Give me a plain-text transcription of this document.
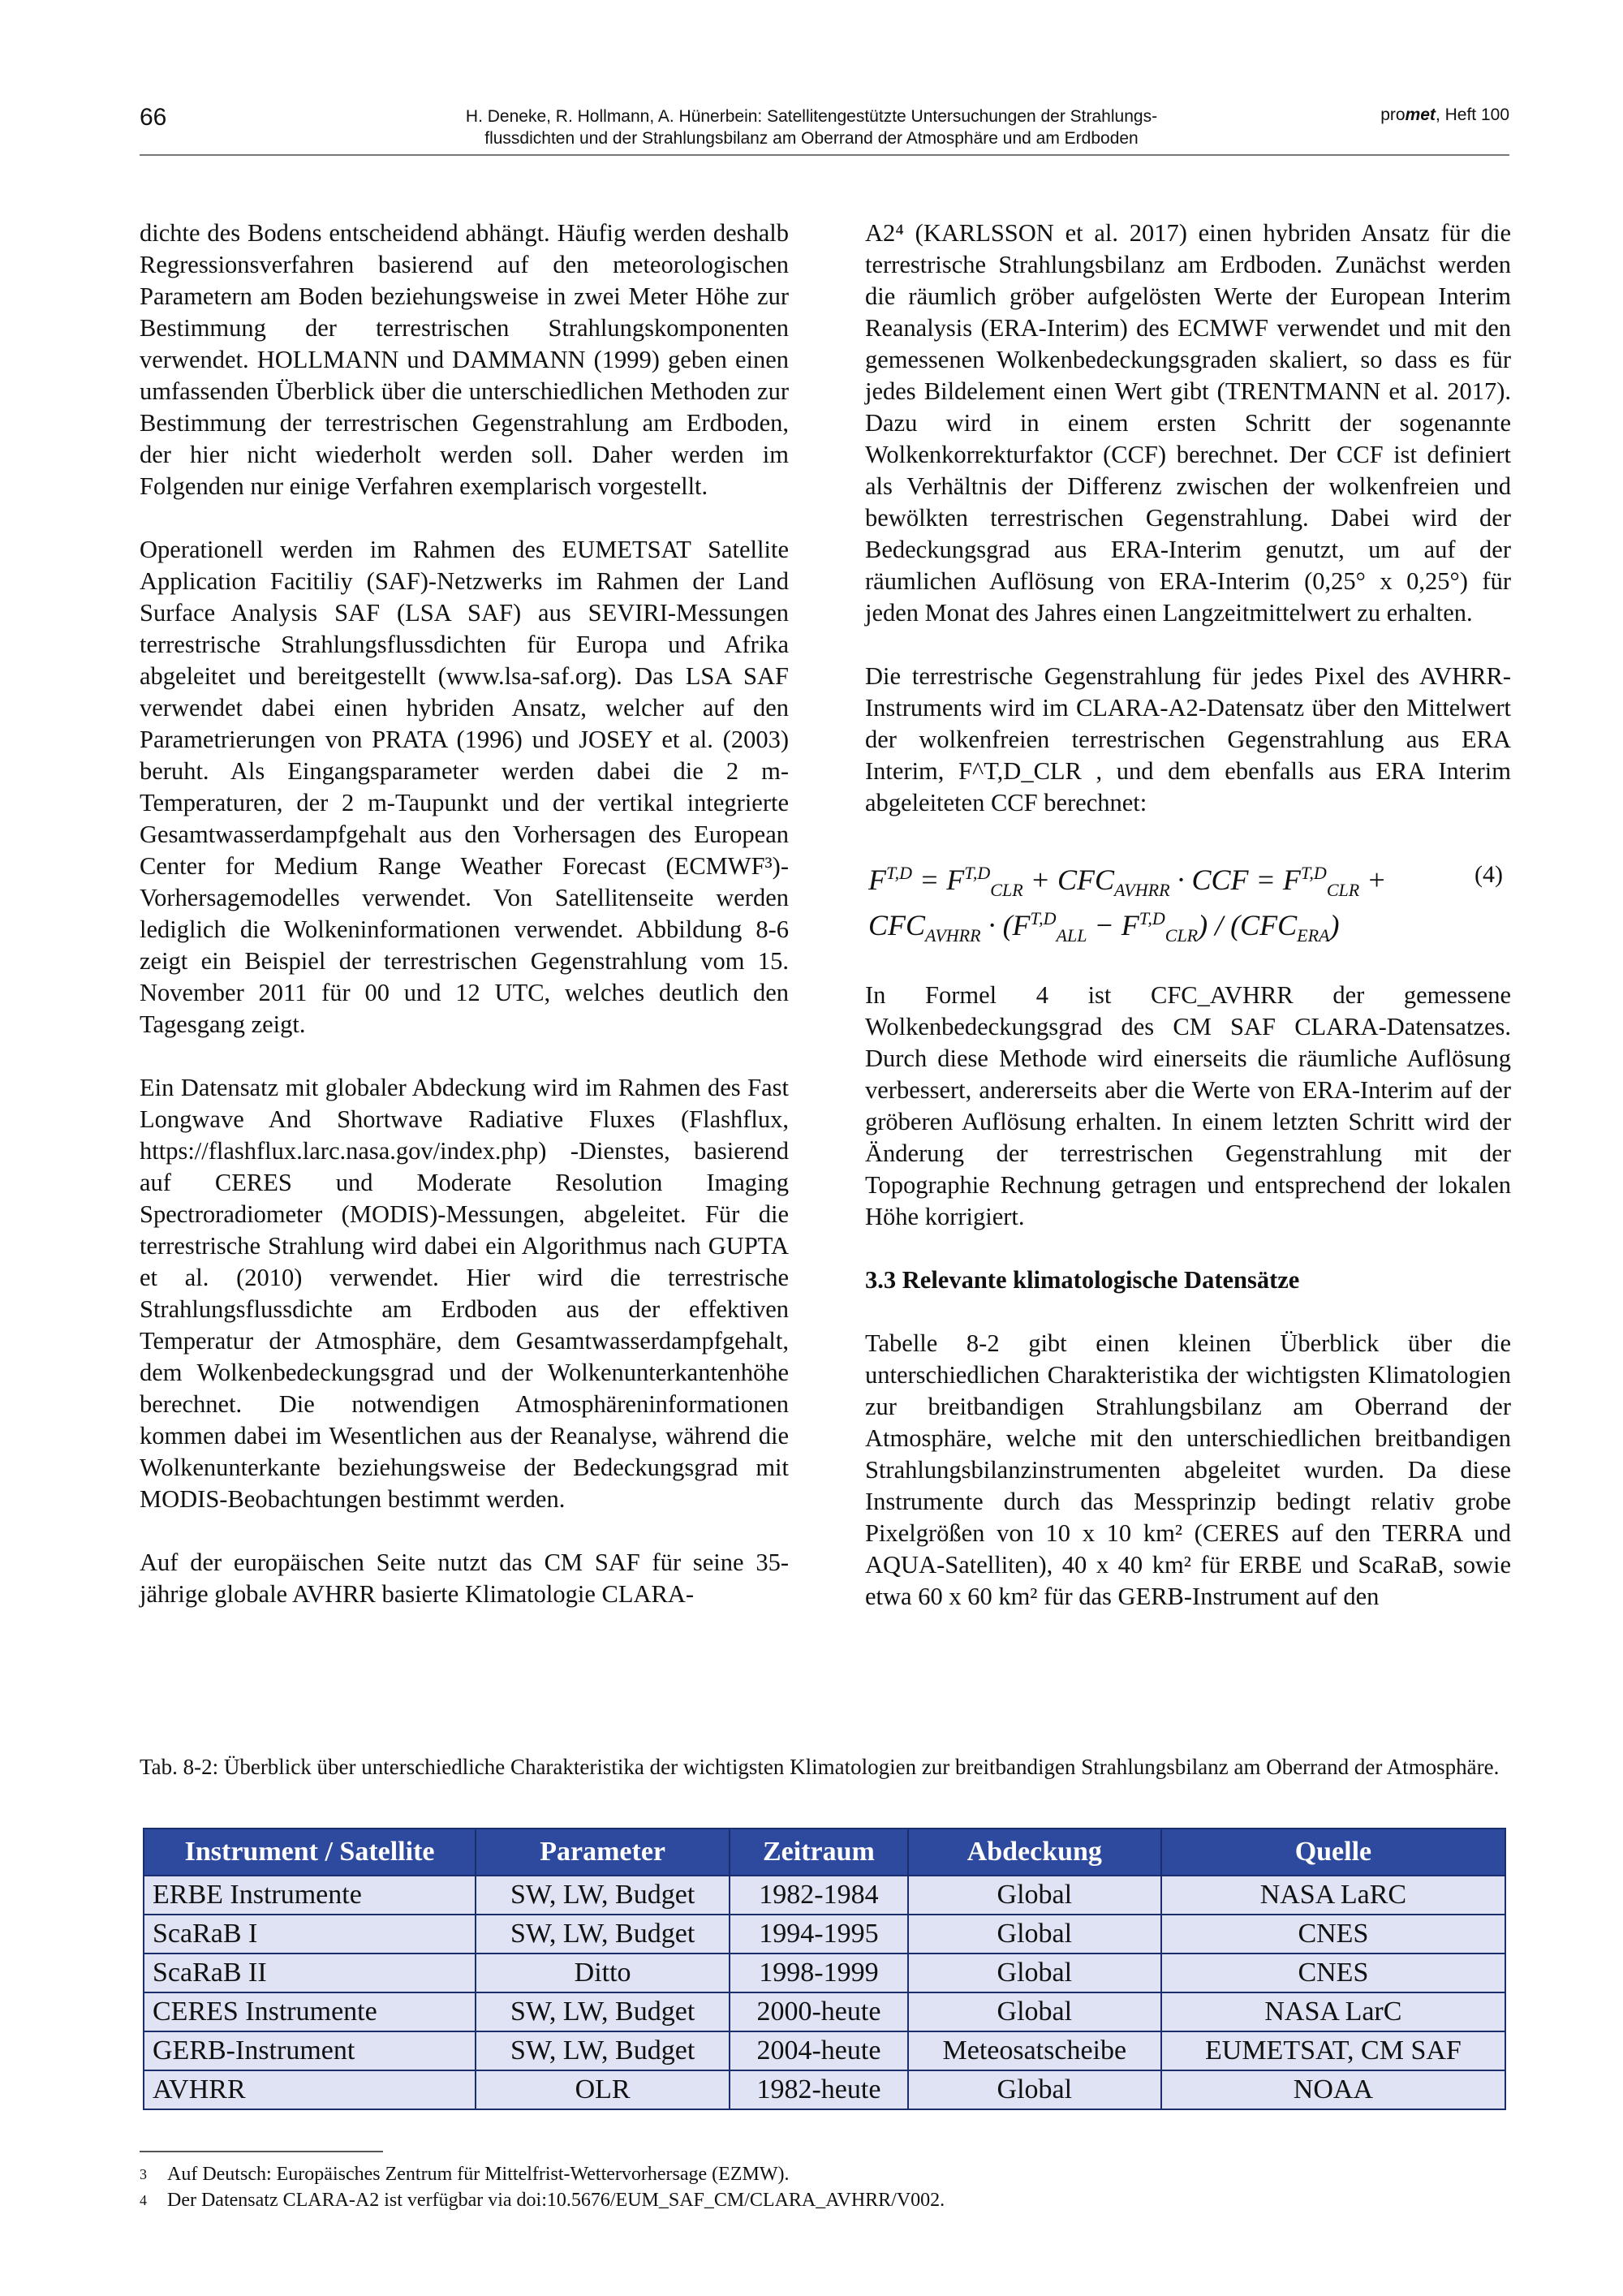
66	H. Deneke, R. Hollmann, A. Hünerbein: Satellitengestützte Untersuchungen der Strahlungs-
flussdichten und der Strahlungsbilanz am Oberrand der Atmosphäre und am Erdboden
promet, Heft 100

dichte des Bodens entscheidend abhängt. Häufig werden deshalb Regressionsverfahren basierend auf den meteorologischen Parametern am Boden beziehungsweise in zwei Meter Höhe zur Bestimmung der terrestrischen Strahlungskomponenten verwendet. HOLLMANN und DAMMANN (1999) geben einen umfassenden Überblick über die unterschiedlichen Methoden zur Bestimmung der terrestrischen Gegenstrahlung am Erdboden, der hier nicht wiederholt werden soll. Daher werden im Folgenden nur einige Verfahren exemplarisch vorgestellt.

Operationell werden im Rahmen des EUMETSAT Satellite Application Facitiliy (SAF)-Netzwerks im Rahmen der Land Surface Analysis SAF (LSA SAF) aus SEVIRI-Messungen terrestrische Strahlungsflussdichten für Europa und Afrika abgeleitet und bereitgestellt (www.lsa-saf.org). Das LSA SAF verwendet dabei einen hybriden Ansatz, welcher auf den Parametrierungen von PRATA (1996) und JOSEY et al. (2003) beruht. Als Eingangsparameter werden dabei die 2 m-Temperaturen, der 2 m-Taupunkt und der vertikal integrierte Gesamtwasserdampfgehalt aus den Vorhersagen des European Center for Medium Range Weather Forecast (ECMWF³)-Vorhersagemodelles verwendet. Von Satellitenseite werden lediglich die Wolkeninformationen verwendet. Abbildung 8-6 zeigt ein Beispiel der terrestrischen Gegenstrahlung vom 15. November 2011 für 00 und 12 UTC, welches deutlich den Tagesgang zeigt.

Ein Datensatz mit globaler Abdeckung wird im Rahmen des Fast Longwave And Shortwave Radiative Fluxes (Flashflux, https://flashflux.larc.nasa.gov/index.php) -Dienstes, basierend auf CERES und Moderate Resolution Imaging Spectroradiometer (MODIS)-Messungen, abgeleitet. Für die terrestrische Strahlung wird dabei ein Algorithmus nach GUPTA et al. (2010) verwendet. Hier wird die terrestrische Strahlungsflussdichte am Erdboden aus der effektiven Temperatur der Atmosphäre, dem Gesamtwasserdampfgehalt, dem Wolkenbedeckungsgrad und der Wolkenunterkantenhöhe berechnet. Die notwendigen Atmosphäreninformationen kommen dabei im Wesentlichen aus der Reanalyse, während die Wolkenunterkante beziehungsweise der Bedeckungsgrad mit MODIS-Beobachtungen bestimmt werden.

Auf der europäischen Seite nutzt das CM SAF für seine 35-jährige globale AVHRR basierte Klimatologie CLARA-

A2⁴ (KARLSSON et al. 2017) einen hybriden Ansatz für die terrestrische Strahlungsbilanz am Erdboden. Zunächst werden die räumlich gröber aufgelösten Werte der European Interim Reanalysis (ERA-Interim) des ECMWF verwendet und mit den gemessenen Wolkenbedeckungsgraden skaliert, so dass es für jedes Bildelement einen Wert gibt (TRENTMANN et al. 2017). Dazu wird in einem ersten Schritt der sogenannte Wolkenkorrekturfaktor (CCF) berechnet. Der CCF ist definiert als Verhältnis der Differenz zwischen der wolkenfreien und bewölkten terrestrischen Gegenstrahlung. Dabei wird der Bedeckungsgrad aus ERA-Interim genutzt, um auf der räumlichen Auflösung von ERA-Interim (0,25° x 0,25°) für jeden Monat des Jahres einen Langzeitmittelwert zu erhalten.

Die terrestrische Gegenstrahlung für jedes Pixel des AVHRR-Instruments wird im CLARA-A2-Datensatz über den Mittelwert der wolkenfreien terrestrischen Gegenstrahlung aus ERA Interim, F^T,D_CLR , und dem ebenfalls aus ERA Interim abgeleiteten CCF berechnet:

$F^{T,D} = F^{T,D}_{CLR} + CFC_{AVHRR}$ · CCF = $F^{T,D}_{CLR}$ +
$CFC_{AVHRR} \cdot (F^{T,D}_{ALL} - F^{T,D}_{CLR}) / (CFC_{ERA})$
(4)

In Formel 4 ist CFC_AVHRR der gemessene Wolkenbedeckungsgrad des CM SAF CLARA-Datensatzes. Durch diese Methode wird einerseits die räumliche Auflösung verbessert, andererseits aber die Werte von ERA-Interim auf der gröberen Auflösung erhalten. In einem letzten Schritt wird der Änderung der terrestrischen Gegenstrahlung mit der Topographie Rechnung getragen und entsprechend der lokalen Höhe korrigiert.

3.3 Relevante klimatologische Datensätze

Tabelle 8-2 gibt einen kleinen Überblick über die unterschiedlichen Charakteristika der wichtigsten Klimatologien zur breitbandigen Strahlungsbilanz am Oberrand der Atmosphäre, welche mit den unterschiedlichen breitbandigen Strahlungsbilanzinstrumenten abgeleitet wurden. Da diese Instrumente durch das Messprinzip bedingt relativ grobe Pixelgrößen von 10 x 10 km² (CERES auf den TERRA und AQUA-Satelliten), 40 x 40 km² für ERBE und ScaRaB, sowie etwa 60 x 60 km² für das GERB-Instrument auf den

Tab. 8-2: Überblick über unterschiedliche Charakteristika der wichtigsten Klimatologien zur breitbandigen Strahlungsbilanz am Oberrand der Atmosphäre.
Instrument / Satellite	Parameter	Zeitraum	Abdeckung	Quelle
ERBE Instrumente	SW, LW, Budget	1982-1984	Global	NASA LaRC
ScaRaB I	SW, LW, Budget	1994-1995	Global	CNES
ScaRaB II	Ditto	1998-1999	Global	CNES
CERES Instrumente	SW, LW, Budget	2000-heute	Global	NASA LarC
GERB-Instrument	SW, LW, Budget	2004-heute	Meteosatscheibe	EUMETSAT, CM SAF
AVHRR	OLR	1982-heute	Global	NOAA
3 Auf Deutsch: Europäisches Zentrum für Mittelfrist-Wettervorhersage (EZMW).
4 Der Datensatz CLARA-A2 ist verfügbar via doi:10.5676/EUM_SAF_CM/CLARA_AVHRR/V002.
